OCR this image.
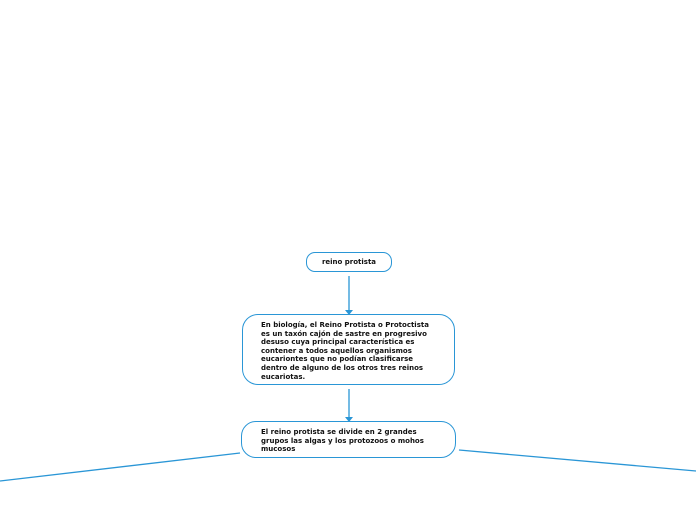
reino protista
En biología, el Reino Protista o Protoctista
es un taxón cajón de sastre en progresivo
desuso cuya principal característica es
contener a todos aquellos organismos
eucariontes que no podían clasificarse
dentro de alguno de los otros tres reinos
eucariotas.
El reino protista se divide en 2 grandes
grupos las algas y los protozoos o mohos
mucosos
